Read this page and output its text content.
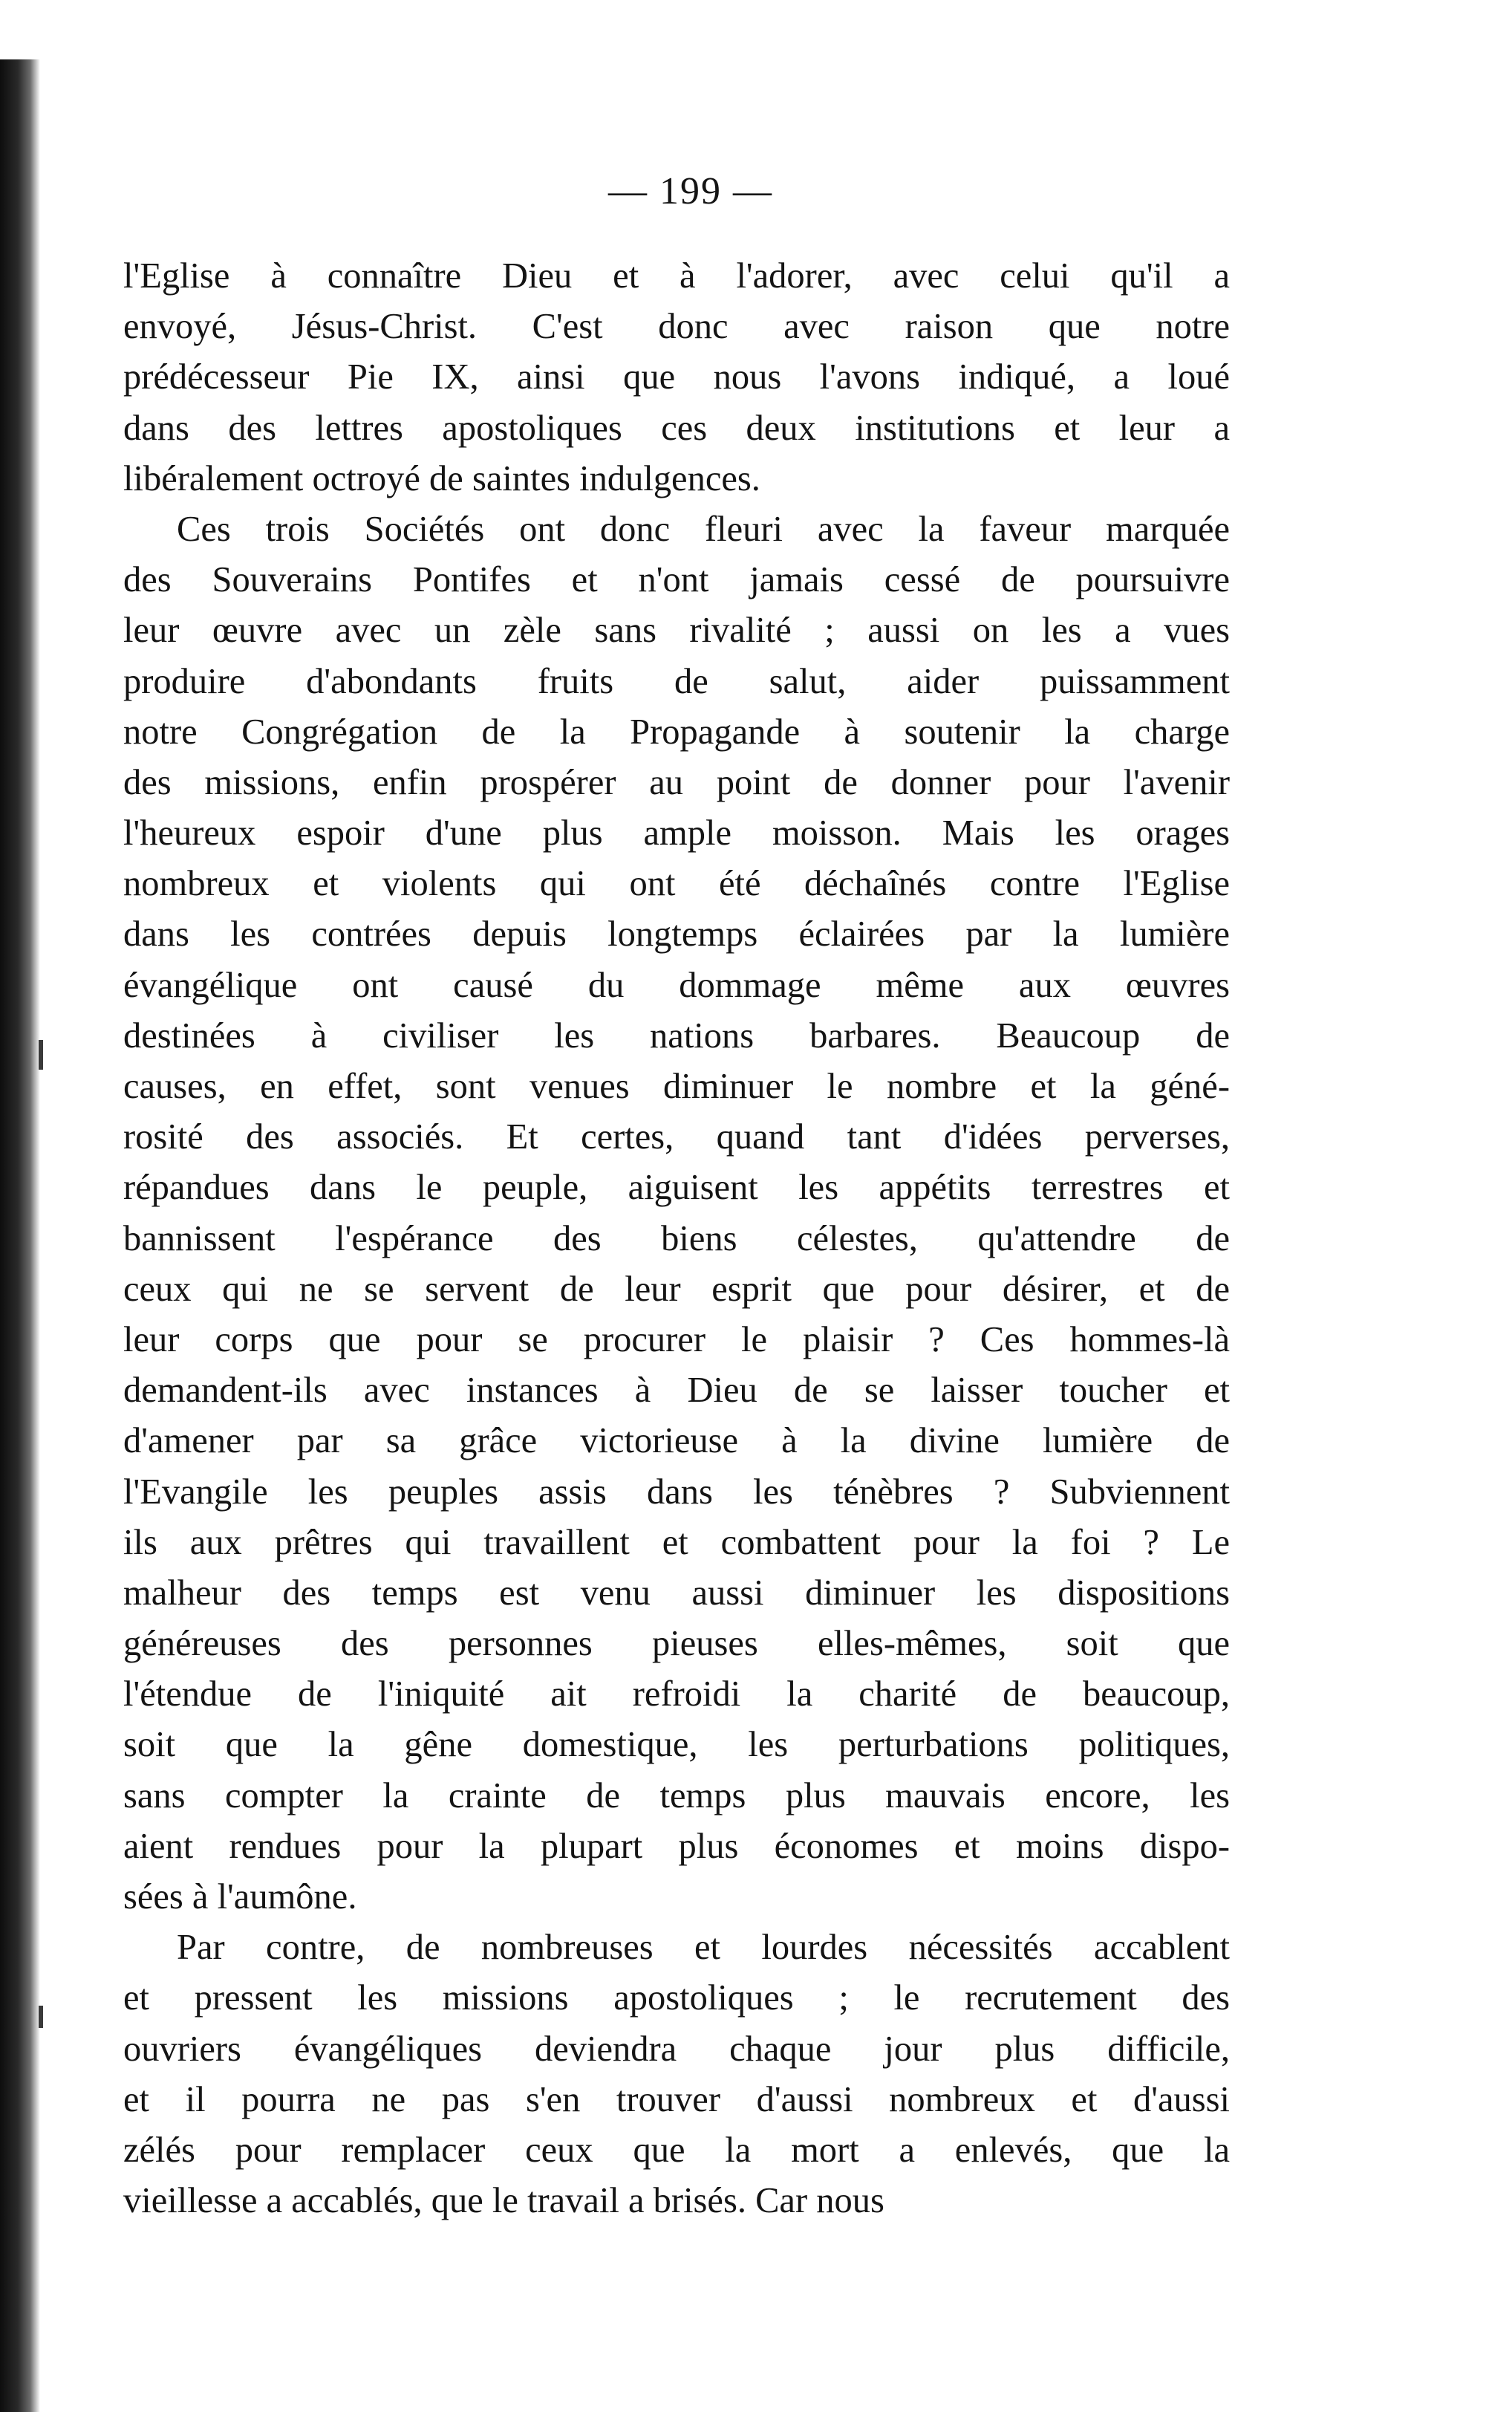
— 199 —

l'Eglise à connaître Dieu et à l'adorer, avec celui qu'il a
envoyé, Jésus-Christ. C'est donc avec raison que notre
prédécesseur Pie IX, ainsi que nous l'avons indiqué, a loué
dans des lettres apostoliques ces deux institutions et leur a
libéralement octroyé de saintes indulgences.

Ces trois Sociétés ont donc fleuri avec la faveur marquée
des Souverains Pontifes et n'ont jamais cessé de poursuivre
leur œuvre avec un zèle sans rivalité ; aussi on les a vues
produire d'abondants fruits de salut, aider puissamment
notre Congrégation de la Propagande à soutenir la charge
des missions, enfin prospérer au point de donner pour l'avenir
l'heureux espoir d'une plus ample moisson. Mais les orages
nombreux et violents qui ont été déchaînés contre l'Eglise
dans les contrées depuis longtemps éclairées par la lumière
évangélique ont causé du dommage même aux œuvres
destinées à civiliser les nations barbares. Beaucoup de
causes, en effet, sont venues diminuer le nombre et la géné-
rosité des associés. Et certes, quand tant d'idées perverses,
répandues dans le peuple, aiguisent les appétits terrestres et
bannissent l'espérance des biens célestes, qu'attendre de
ceux qui ne se servent de leur esprit que pour désirer, et de
leur corps que pour se procurer le plaisir ? Ces hommes-là
demandent-ils avec instances à Dieu de se laisser toucher et
d'amener par sa grâce victorieuse à la divine lumière de
l'Evangile les peuples assis dans les ténèbres ? Subviennent
ils aux prêtres qui travaillent et combattent pour la foi ? Le
malheur des temps est venu aussi diminuer les dispositions
généreuses des personnes pieuses elles-mêmes, soit que
l'étendue de l'iniquité ait refroidi la charité de beaucoup,
soit que la gêne domestique, les perturbations politiques,
sans compter la crainte de temps plus mauvais encore, les
aient rendues pour la plupart plus économes et moins dispo-
sées à l'aumône.

Par contre, de nombreuses et lourdes nécessités accablent
et pressent les missions apostoliques ; le recrutement des
ouvriers évangéliques deviendra chaque jour plus difficile,
et il pourra ne pas s'en trouver d'aussi nombreux et d'aussi
zélés pour remplacer ceux que la mort a enlevés, que la
vieillesse a accablés, que le travail a brisés. Car nous
